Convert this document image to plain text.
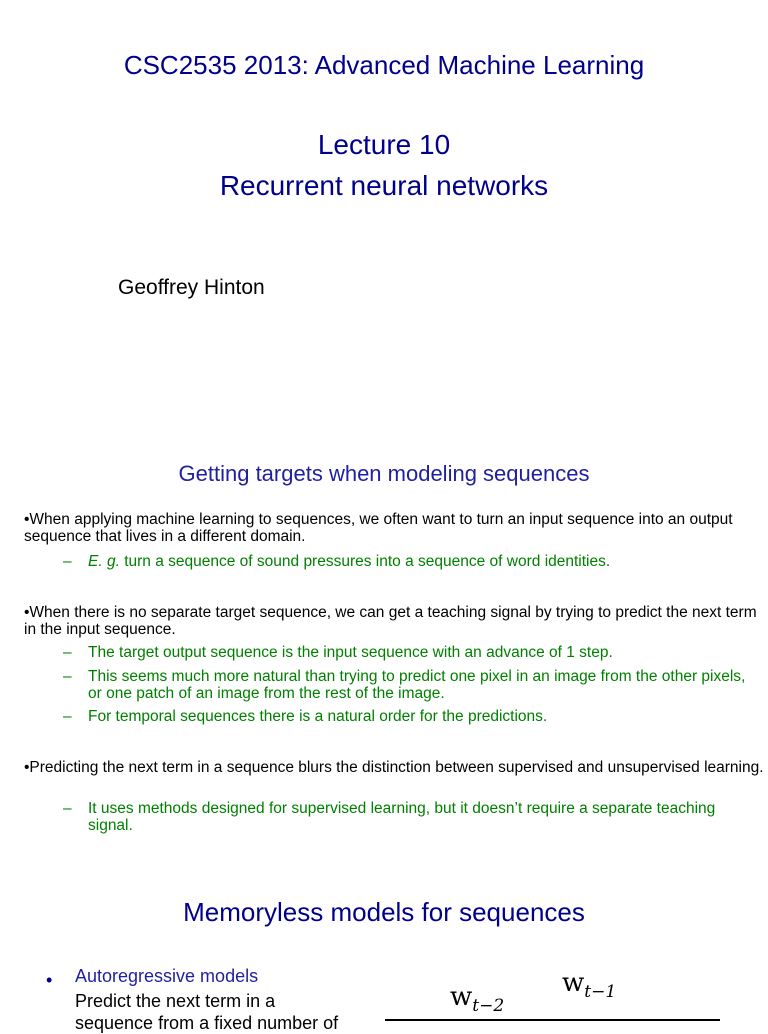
CSC2535 2013: Advanced Machine Learning
Lecture 10
Recurrent neural networks
Geoffrey Hinton
Getting targets when modeling sequences
•When applying machine learning to sequences, we often want to turn an input sequence into an output sequence that lives in a different domain.
– E. g. turn a sequence of sound pressures into a sequence of word identities.
•When there is no separate target sequence, we can get a teaching signal by trying to predict the next term in the input sequence.
– The target output sequence is the input sequence with an advance of 1 step.
– This seems much more natural than trying to predict one pixel in an image from the other pixels, or one patch of an image from the rest of the image.
– For temporal sequences there is a natural order for the predictions.
•Predicting the next term in a sequence blurs the distinction between supervised and unsupervised learning.
– It uses methods designed for supervised learning, but it doesn’t require a separate teaching signal.
Memoryless models for sequences
• Autoregressive models
Predict the next term in a
sequence from a fixed number of
$w_{t-2}$
$w_{t-1}$
